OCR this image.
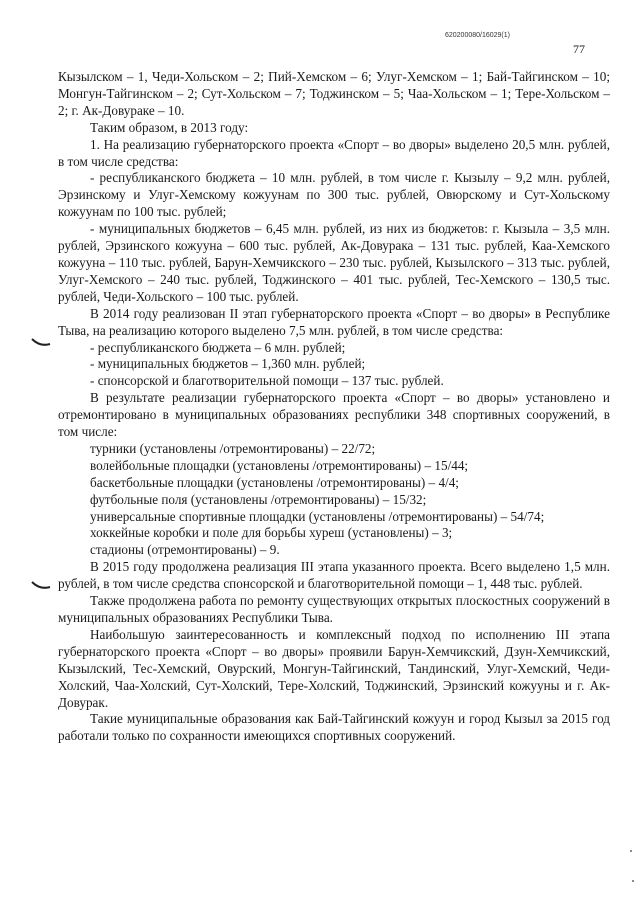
620200080/16029(1)
77

Кызылском – 1, Чеди-Хольском – 2; Пий-Хемском – 6; Улуг-Хемском – 1; Бай-Тайгинском – 10; Монгун-Тайгинском – 2; Сут-Хольском – 7; Тоджинском – 5; Чаа-Хольском – 1; Тере-Хольском – 2; г. Ак-Довураке – 10.

Таким образом, в 2013 году:

1. На реализацию губернаторского проекта «Спорт – во дворы» выделено 20,5 млн. рублей, в том числе средства:

- республиканского бюджета – 10 млн. рублей, в том числе г. Кызылу – 9,2 млн. рублей, Эрзинскому и Улуг-Хемскому кожуунам по 300 тыс. рублей, Овюрскому и Сут-Хольскому кожуунам по 100 тыс. рублей;

- муниципальных бюджетов – 6,45 млн. рублей, из них из бюджетов: г. Кызыла – 3,5 млн. рублей, Эрзинского кожууна – 600 тыс. рублей, Ак-Довурака – 131 тыс. рублей, Каа-Хемского кожууна – 110 тыс. рублей, Барун-Хемчикского – 230 тыс. рублей, Кызылского – 313 тыс. рублей, Улуг-Хемского – 240 тыс. рублей, Тоджинского – 401 тыс. рублей, Тес-Хемского – 130,5 тыс. рублей, Чеди-Хольского – 100 тыс. рублей.

В 2014 году реализован II этап губернаторского проекта «Спорт – во дворы» в Республике Тыва, на реализацию которого выделено 7,5 млн. рублей, в том числе средства:

- республиканского бюджета – 6 млн. рублей;

- муниципальных бюджетов – 1,360 млн. рублей;

- спонсорской и благотворительной помощи – 137 тыс. рублей.

В результате реализации губернаторского проекта «Спорт – во дворы» установлено и отремонтировано в муниципальных образованиях республики 348 спортивных сооружений, в том числе:

турники (установлены /отремонтированы) – 22/72;

волейбольные площадки (установлены /отремонтированы) – 15/44;

баскетбольные площадки (установлены /отремонтированы) – 4/4;

футбольные поля (установлены /отремонтированы) – 15/32;

универсальные спортивные площадки (установлены /отремонтированы) – 54/74;

хоккейные коробки и поле для борьбы хуреш (установлены) – 3;

стадионы (отремонтированы) – 9.

В 2015 году продолжена реализация III этапа указанного проекта. Всего выделено 1,5 млн. рублей, в том числе средства спонсорской и благотворительной помощи – 1, 448 тыс. рублей.

Также продолжена работа по ремонту существующих открытых плоскостных сооружений в муниципальных образованиях Республики Тыва.

Наибольшую заинтересованность и комплексный подход по исполнению III этапа губернаторского проекта «Спорт – во дворы» проявили Барун-Хемчикский, Дзун-Хемчикский, Кызылский, Тес-Хемский, Овурский, Монгун-Тайгинский, Тандинский, Улуг-Хемский, Чеди-Холский, Чаа-Холский, Сут-Холский, Тере-Холский, Тоджинский, Эрзинский кожууны и г. Ак-Довурак.

Такие муниципальные образования как Бай-Тайгинский кожуун и город Кызыл за 2015 год работали только по сохранности имеющихся спортивных сооружений.
